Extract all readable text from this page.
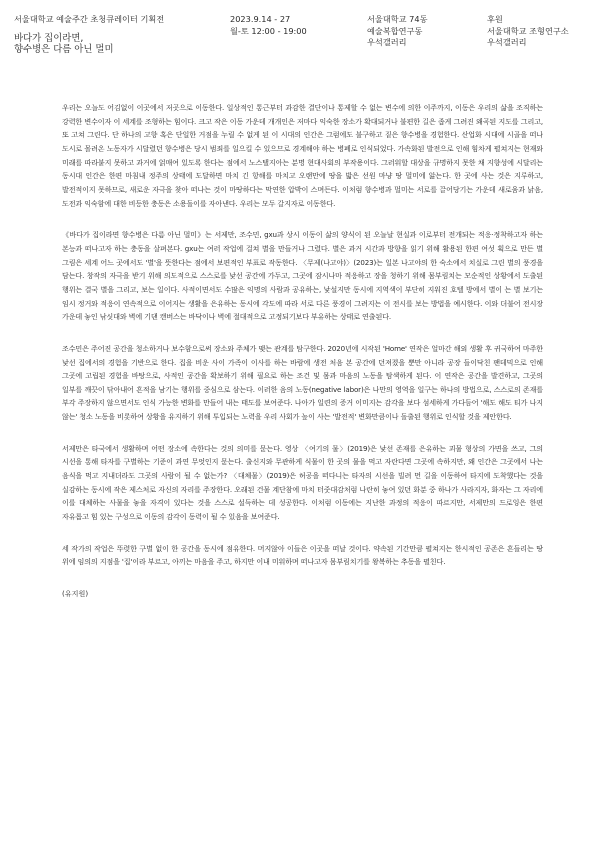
서울대학교 예술주간 초청큐레이터 기획전
바다가 집이라면,
향수병은 다름 아닌 멀미
2023.9.14 - 27
월-토 12:00 - 19:00
서울대학교 74동
예술복합연구동
우석갤러리
후원
서울대학교 조형연구소
우석갤러리

우리는 오늘도 어김없이 이곳에서 저곳으로 이동한다. 일상적인 통근부터 과감한 결단이나 통제할 수 없는 변수에 의한 이주까지, 이동은 우리의 삶을 조직하는 강력한 변수이자 이 세계를 조형하는 힘이다. 크고 작은 이동 가운데 개개인은 저마다 익숙한 장소가 확대되거나 불편한 길은 좁게 그려진 왜곡된 지도를 그리고, 또 고쳐 그린다. 단 하나의 고향 혹은 단일한 거점을 누릴 수 없게 된 이 시대의 인간은 그럼에도 불구하고 짙은 향수병을 경험한다. 산업화 시대에 시골을 떠나 도시로 몰려온 노동자가 시달렸던 향수병은 당시 범죄를 일으킬 수 있으므로 경계해야 하는 병폐로 인식되었다. 가속화된 발전으로 인해 힘차게 펼쳐지는 현재와 미래를 따라붙지 못하고 과거에 얽매여 있도록 한다는 점에서 노스탤지아는 분명 현대사회의 부작용이다. 그러워할 대상을 규명하지 못한 채 지향성에 시달리는 동시대 인간은 한편 마침내 정주의 상태에 도달하면 마치 긴 항해를 마치고 오랜만에 땅을 밟은 선원 마냥 땅 멀미에 앓는다. 한 곳에 사는 것은 지루하고, 발전적이지 못하므로, 새로운 자극을 찾아 떠나는 것이 마땅하다는 막연한 압박이 스며든다. 이처럼 향수병과 멀미는 서로를 끌어당기는 가운데 새로움과 낡음, 도전과 익숙함에 대한 비등한 충동은 소용돌이를 자아낸다. 우리는 모두 갈지자로 이동한다.

《바다가 집이라면 향수병은 다름 아닌 멀미》는 서제만, 조수민, gxu과 상시 이동이 삶의 양식이 된 오늘날 현실과 이로부터 전개되는 적응·정착하고자 하는 본능과 떠나고자 하는 충동을 살펴본다. gxu는 여러 작업에 걸쳐 별을 만들거나 그렸다. 별은 과거 시간과 방향을 읽기 위해 활용된 한편 여섯 획으로 만든 별 그림은 세계 어느 곳에서도 '별'을 뜻한다는 점에서 보편적인 부표로 작동한다. 〈무제(나고야)〉(2023)는 일본 나고야의 한 숙소에서 치실로 그린 별의 풍경을 담는다. 창작의 자극을 받기 위해 의도적으로 스스로를 낯선 공간에 가두고, 그곳에 잠시나마 적응하고 장을 청하기 위해 몸부림치는 모순적인 상황에서 도출된 행위는 결국 별을 그리고, 보는 일이다. 사적이면서도 수많은 익명의 사람과 공유하는, 낯설지만 동시에 지역색이 부단히 지워진 호텔 방에서 별이 는 별 보기는 임시 정거와 적응이 연속적으로 이어지는 생활을 은유하는 동시에 각도에 따라 서로 다른 풍경이 그려지는 이 전시를 보는 방법을 예시한다. 이와 더불어 전시장 가운데 놓인 낚싯대와 벽에 기댄 캔버스는 바닥이나 벽에 절대적으로 고정되기보다 부유하는 상태로 연출된다.

조수민은 주어진 공간을 청소하거나 보수함으로써 장소와 주체가 맺는 관계를 탐구한다. 2020년에 시작된 'Home' 연작은 얼마간 해외 생활 후 귀국하여 마주한 낯선 집에서의 경험을 기반으로 한다. 집을 비운 사이 가족이 이사를 하는 바람에 생전 처음 본 공간에 던져졌을 뿐만 아니라 공장 들이닥친 팬데믹으로 인해 그곳에 고립된 경험을 바탕으로, 사적인 공간을 확보하기 위해 필요로 하는 조건 및 몸과 마음의 노동을 탐색하게 된다. 이 연작은 공간을 발견하고, 그곳의 일부를 깨끗이 닦아내어 흔적을 남기는 행위를 중심으로 삼는다. 이러한 음의 노동(negative labor)은 나만의 영역을 일구는 하나의 방법으로, 스스로의 존재를 부각 주장하지 않으면서도 인식 가능한 변화를 만들어 내는 태도를 보여준다. 나아가 일련의 증거 이미지는 감각을 보다 섬세하게 가다듬어 '해도 해도 티가 나지 않는' 청소 노동을 비롯하여 상황을 유지하기 위해 투입되는 노력을 우리 사회가 높이 사는 '발전적' 변화만큼이나 돌출된 행위로 인식할 것을 제안한다.

서제만은 타국에서 생활하며 어떤 장소에 속한다는 것의 의미를 묻는다. 영상 〈여기의 물〉(2019)은 낯선 존재를 은유하는 괴물 형상의 가면을 쓰고, 그의 시선을 통해 타자를 구별하는 기준이 과연 무엇인지 묻는다. 출신지와 무관하게 식물이 한 곳의 물을 먹고 자란다면 그곳에 속하지만, 왜 인간은 그곳에서 나는 음식을 먹고 지내더라도 그곳의 사람이 될 수 없는가? 〈대체물〉(2019)은 허공을 떠다니는 타자의 시선을 빌려 먼 길을 이동하여 타지에 도착했다는 것을 실감하는 동시에 작은 제스처로 자신의 자리를 주장한다. 오래된 건물 계단참에 마치 터줏대감처럼 나란히 놓여 있던 화분 중 하나가 사라지자, 화자는 그 자리에 이를 대체하는 사물을 놓을 자격이 있다는 것을 스스로 설득하는 데 성공한다. 이처럼 이동에는 지난한 과정의 적응이 따르지만, 서제만의 드로잉은 한편 자유롭고 힘 있는 구성으로 이동의 감각이 동력이 될 수 있음을 보여준다.

세 작가의 작업은 뚜렷한 구별 없이 한 공간을 동시에 점유한다. 머지않아 이들은 이곳을 떠날 것이다. 약속된 기간만큼 펼쳐지는 한시적인 공존은 흔들리는 땅 위에 임의의 지점을 '집'이라 부르고, 아끼는 마음을 주고, 하지만 이내 미워하며 떠나고자 몸부림치기를 왕복하는 추동을 펼친다.

(유지원)
